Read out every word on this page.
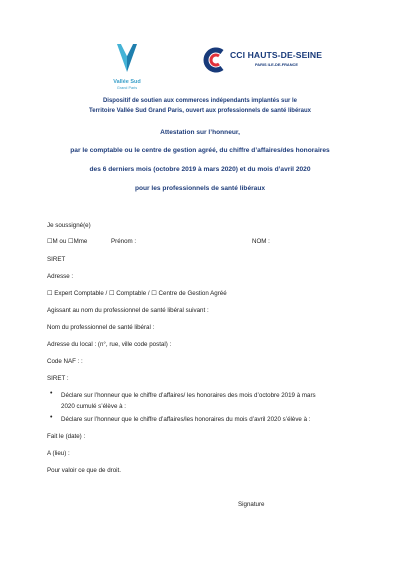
Vallée Sud
Grand Paris
CCI HAUTS-DE-SEINE
PARIS ILE-DE-FRANCE
Dispositif de soutien aux commerces indépendants implantés sur le
Territoire Vallée Sud Grand Paris, ouvert aux professionnels de santé libéraux
Attestation sur l’honneur,
par le comptable ou le centre de gestion agréé, du chiffre d’affaires/des honoraires
des 6 derniers mois (octobre 2019 à mars 2020) et du mois d’avril 2020
pour les professionnels de santé libéraux
Je soussigné(e)
☐M ou ☐Mme	Prénom :	NOM :
SIRET
Adresse :
☐ Expert Comptable / ☐ Comptable / ☐ Centre de Gestion Agréé
Agissant au nom du professionnel de santé libéral suivant :
Nom du professionnel de santé libéral :
Adresse du local : (n°, rue, ville code postal) :
Code NAF : :
SIRET :
• Déclare sur l’honneur que le chiffre d’affaires/ les honoraires des mois d’octobre 2019 à mars
2020 cumulé s’élève à :
• Déclare sur l’honneur que le chiffre d’affaires/les honoraires du mois d’avril 2020 s’élève à :
Fait le (date) :
A (lieu) :
Pour valoir ce que de droit.
Signature
